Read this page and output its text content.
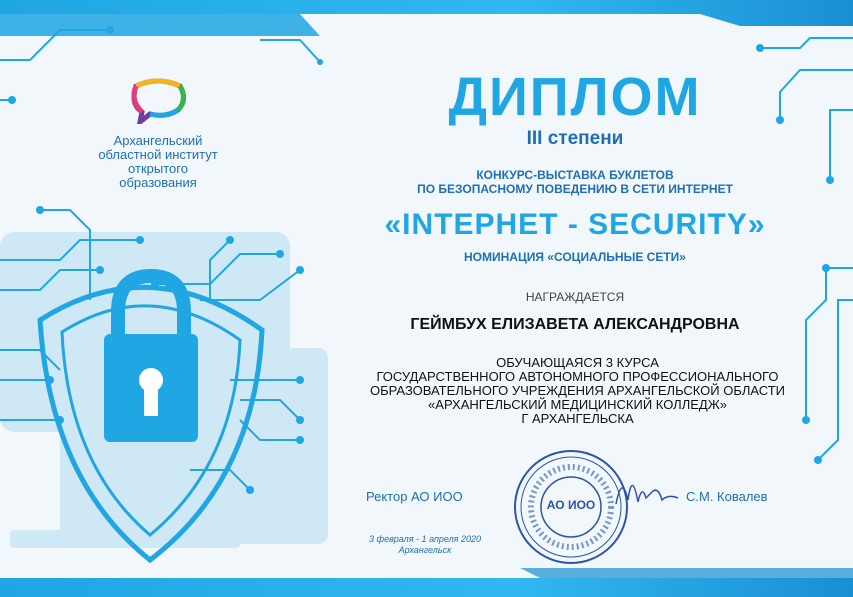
Архангельский
областной институт
открытого
образования
ДИПЛОМ
III степени
КОНКУРС-ВЫСТАВКА БУКЛЕТОВ
ПО БЕЗОПАСНОМУ ПОВЕДЕНИЮ В СЕТИ ИНТЕРНЕТ
«INTEPHET - SECURITY»
НОМИНАЦИЯ «СОЦИАЛЬНЫЕ СЕТИ»
НАГРАЖДАЕТСЯ
ГЕЙМБУХ ЕЛИЗАВЕТА АЛЕКСАНДРОВНА
ОБУЧАЮЩАЯСЯ 3 КУРСА
ГОСУДАРСТВЕННОГО АВТОНОМНОГО ПРОФЕССИОНАЛЬНОГО
ОБРАЗОВАТЕЛЬНОГО УЧРЕЖДЕНИЯ АРХАНГЕЛЬСКОЙ ОБЛАСТИ
«АРХАНГЕЛЬСКИЙ МЕДИЦИНСКИЙ КОЛЛЕДЖ»
Г АРХАНГЕЛЬСКА
Ректор АО ИОО
АО ИОО
С.М. Ковалев
3 февраля - 1 апреля 2020
Архангельск
